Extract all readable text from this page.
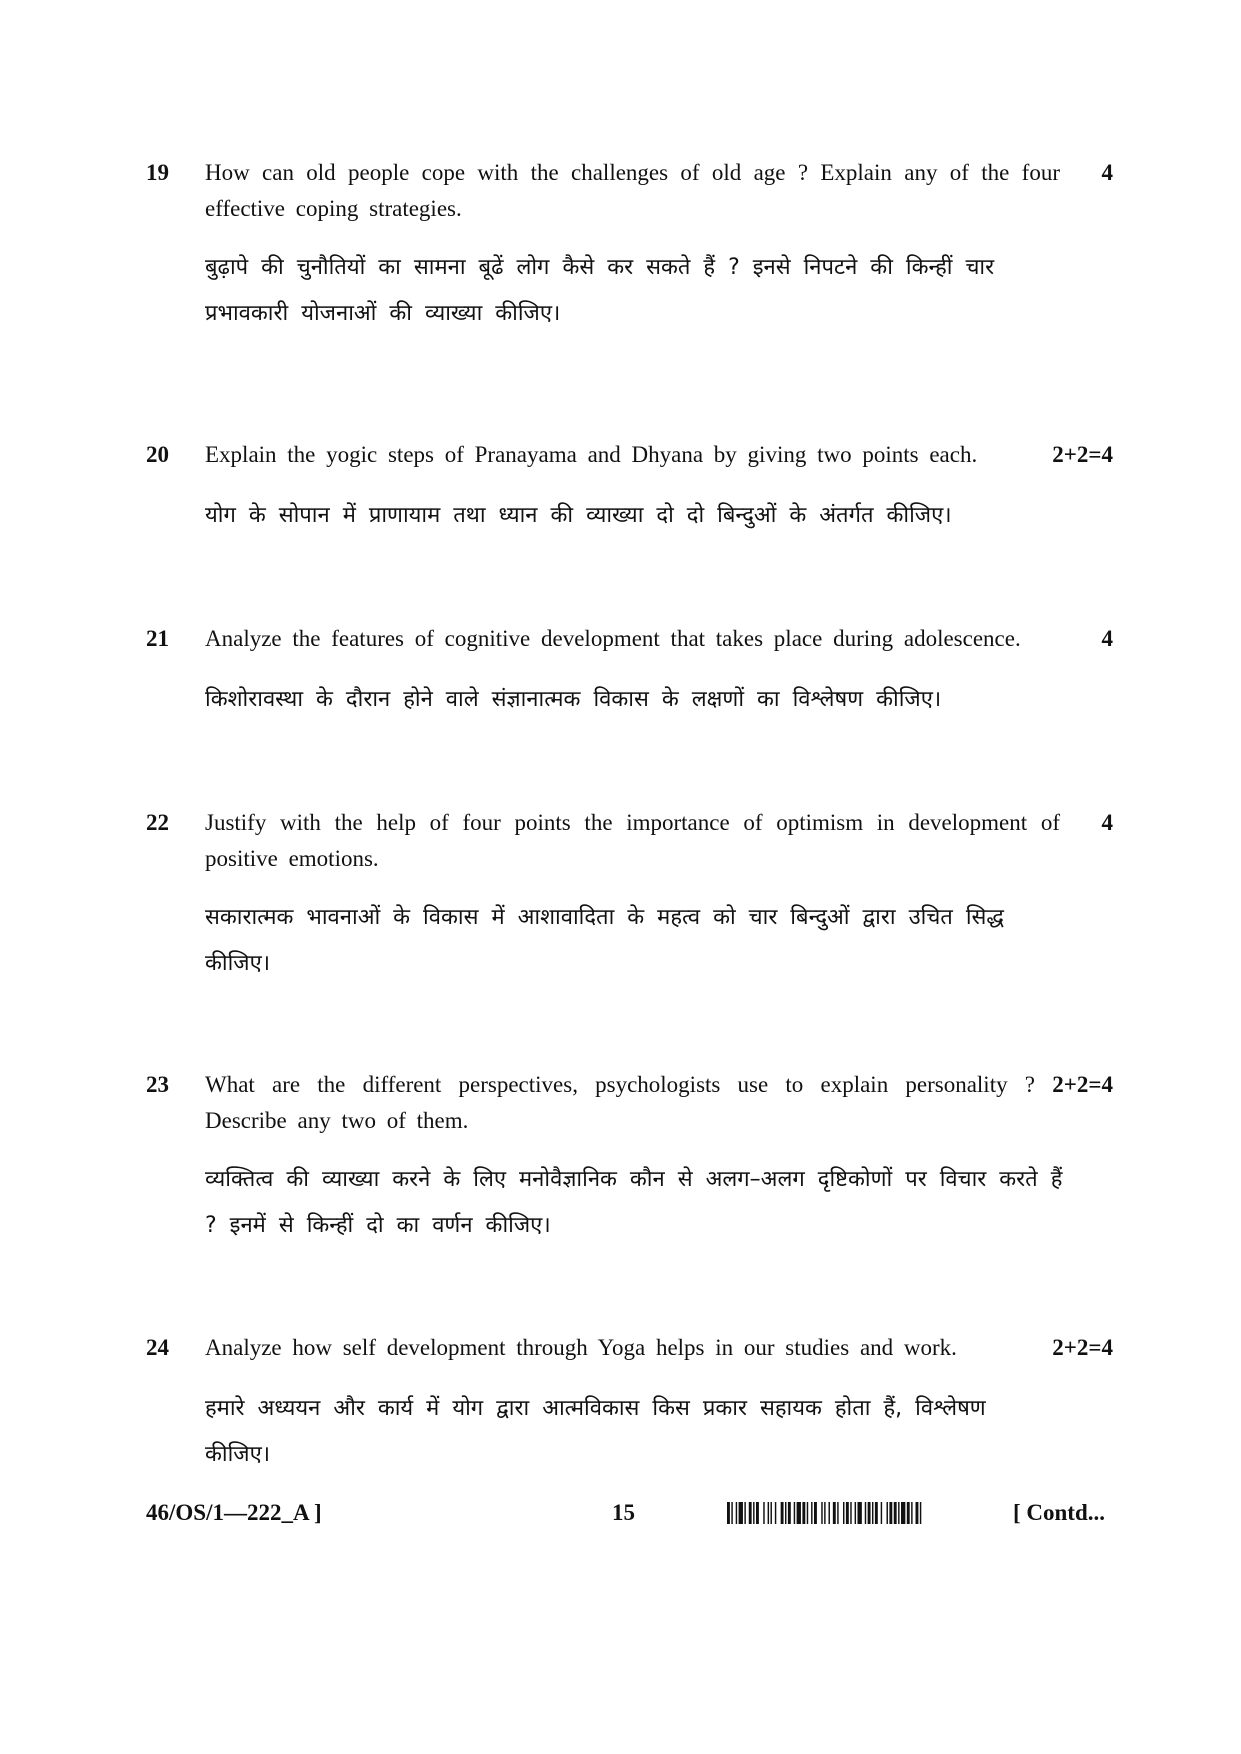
19 How can old people cope with the challenges of old age ? Explain any of the four effective coping strategies.
4
बुढ़ापे की चुनौतियों का सामना बूढें लोग कैसे कर सकते हैं ? इनसे निपटने की किन्हीं चार प्रभावकारी योजनाओं की व्याख्या कीजिए।
20 Explain the yogic steps of Pranayama and Dhyana by giving two points each.	2+2=4
योग के सोपान में प्राणायाम तथा ध्यान की व्याख्या दो दो बिन्दुओं के अंतर्गत कीजिए।
21 Analyze the features of cognitive development that takes place during adolescence.	4
किशोरावस्था के दौरान होने वाले संज्ञानात्मक विकास के लक्षणों का विश्लेषण कीजिए।
22 Justify with the help of four points the importance of optimism in development of positive emotions.
4
सकारात्मक भावनाओं के विकास में आशावादिता के महत्व को चार बिन्दुओं द्वारा उचित सिद्ध कीजिए।
23 What are the different perspectives, psychologists use to explain personality ? Describe any two of them.
2+2=4
व्यक्तित्व की व्याख्या करने के लिए मनोवैज्ञानिक कौन से अलग–अलग दृष्टिकोणों पर विचार करते हैं ? इनमें से किन्हीं दो का वर्णन कीजिए।
24 Analyze how self development through Yoga helps in our studies and work.	2+2=4
हमारे अध्ययन और कार्य में योग द्वारा आत्मविकास किस प्रकार सहायक होता हैं, विश्लेषण कीजिए।
46/OS/1—222_A ]	15	[ Contd...
